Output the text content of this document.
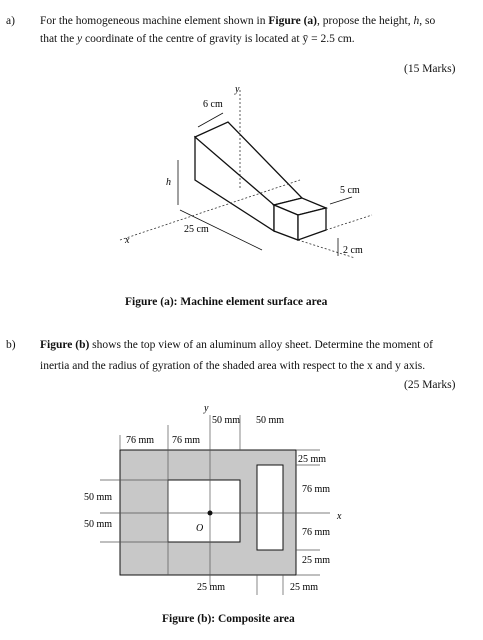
a) For the homogeneous machine element shown in Figure (a), propose the height, h, so
that the y coordinate of the centre of gravity is located at ȳ = 2.5 cm.
(15 Marks)
6 cm
h
25 cm
5 cm
2 cm
x
y
Figure (a): Machine element surface area
b) Figure (b) shows the top view of an aluminum alloy sheet. Determine the moment of
inertia and the radius of gyration of the shaded area with respect to the x and y axis.
(25 Marks)
y
50 mm 50 mm
76 mm 76 mm
25 mm
76 mm
x
76 mm
25 mm
50 mm
50 mm	O
25 mm	25 mm
Figure (b): Composite area
